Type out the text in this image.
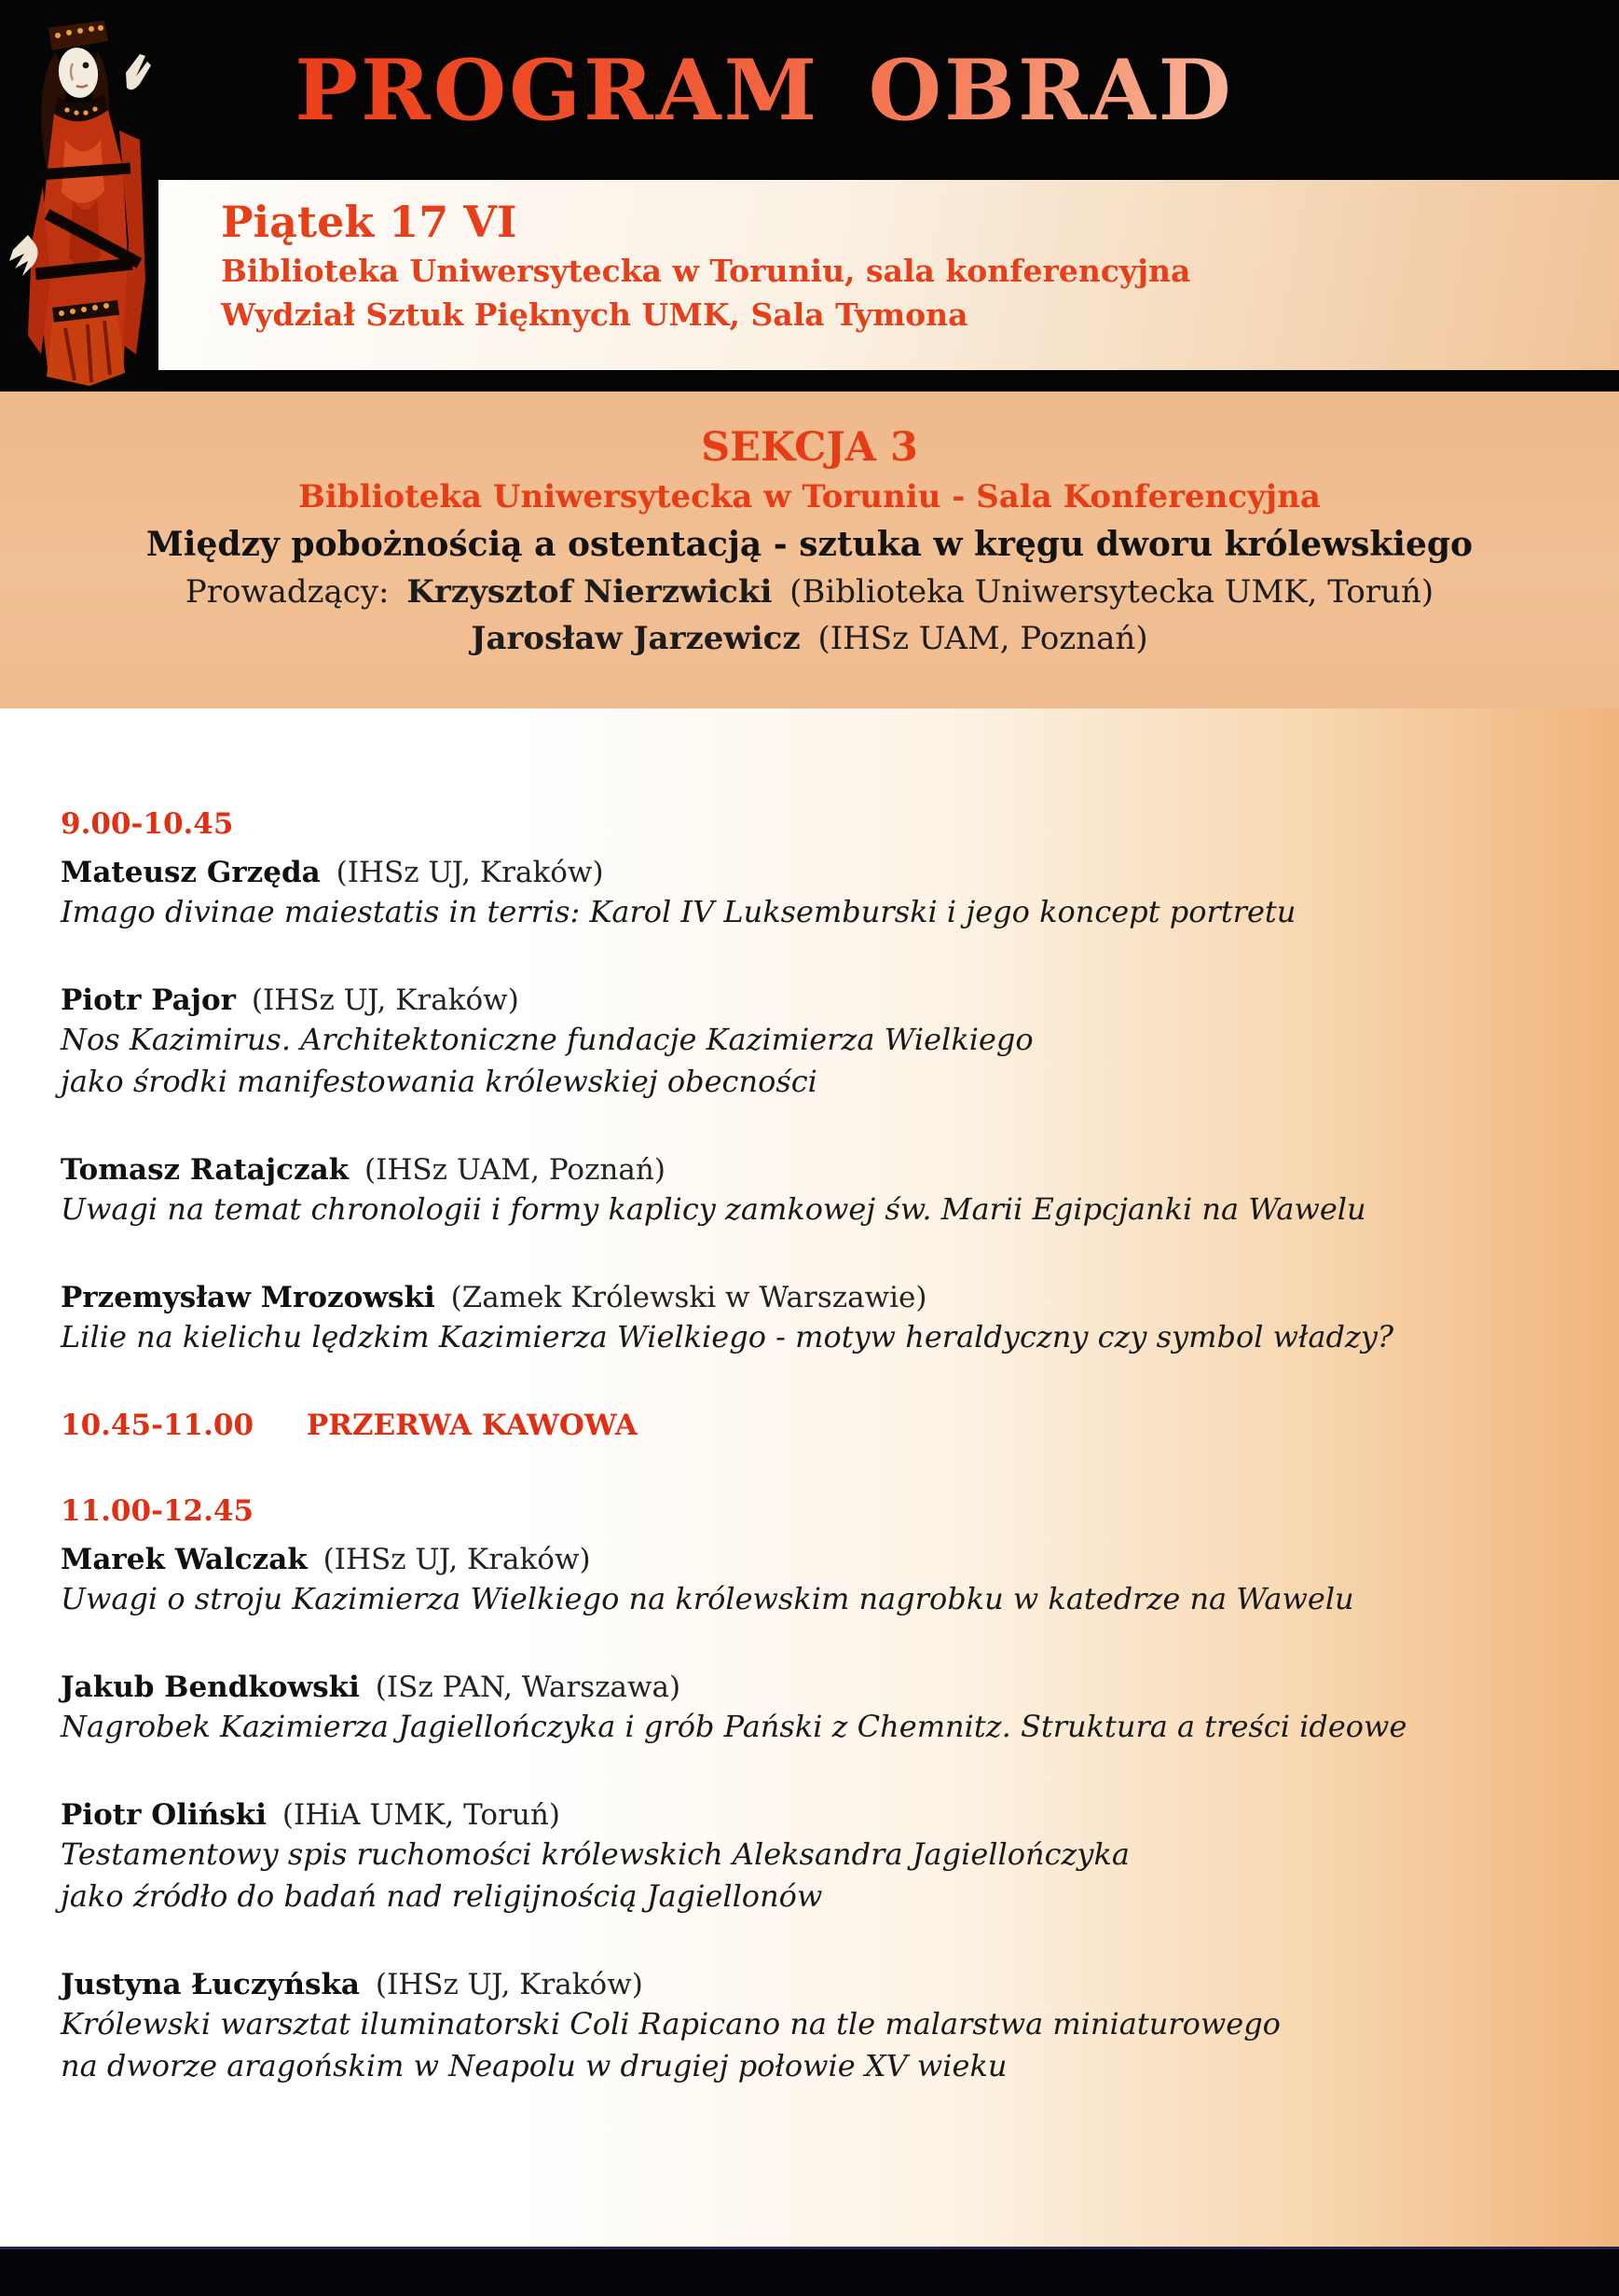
PROGRAM OBRAD
Piątek 17 VI
Biblioteka Uniwersytecka w Toruniu, sala konferencyjna
Wydział Sztuk Pięknych UMK, Sala Tymona
SEKCJA 3
Biblioteka Uniwersytecka w Toruniu - Sala Konferencyjna
Między pobożnością a ostentacją - sztuka w kręgu dworu królewskiego
Prowadzący: Krzysztof Nierzwicki (Biblioteka Uniwersytecka UMK, Toruń)
Jarosław Jarzewicz (IHSz UAM, Poznań)
9.00-10.45
Mateusz Grzęda (IHSz UJ, Kraków)
Imago divinae maiestatis in terris: Karol IV Luksemburski i jego koncept portretu
Piotr Pajor (IHSz UJ, Kraków)
Nos Kazimirus. Architektoniczne fundacje Kazimierza Wielkiego
jako środki manifestowania królewskiej obecności
Tomasz Ratajczak (IHSz UAM, Poznań)
Uwagi na temat chronologii i formy kaplicy zamkowej św. Marii Egipcjanki na Wawelu
Przemysław Mrozowski (Zamek Królewski w Warszawie)
Lilie na kielichu lędzkim Kazimierza Wielkiego - motyw heraldyczny czy symbol władzy?
10.45-11.00 PRZERWA KAWOWA
11.00-12.45
Marek Walczak (IHSz UJ, Kraków)
Uwagi o stroju Kazimierza Wielkiego na królewskim nagrobku w katedrze na Wawelu
Jakub Bendkowski (ISz PAN, Warszawa)
Nagrobek Kazimierza Jagiellończyka i grób Pański z Chemnitz. Struktura a treści ideowe
Piotr Oliński (IHiA UMK, Toruń)
Testamentowy spis ruchomości królewskich Aleksandra Jagiellończyka
jako źródło do badań nad religijnością Jagiellonów
Justyna Łuczyńska (IHSz UJ, Kraków)
Królewski warsztat iluminatorski Coli Rapicano na tle malarstwa miniaturowego
na dworze aragońskim w Neapolu w drugiej połowie XV wieku
